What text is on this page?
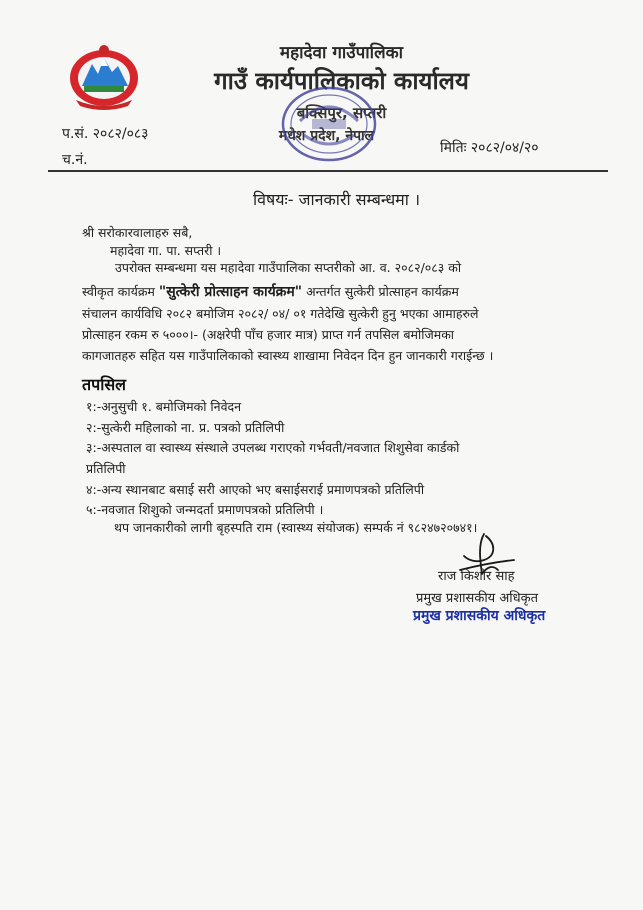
महादेवा गाउँपालिका
गाउँ कार्यपालिकाको कार्यालय
बक्सिपुर, सप्तरी
मधेश प्रदेश, नेपाल
प.सं. २०८२/०८३
च.नं.
मितिः २०८२/०४/२०
विषयः- जानकारी सम्बन्धमा ।
श्री सरोकारवालाहरु सबै,
महादेवा गा. पा. सप्तरी ।
उपरोक्त सम्बन्धमा यस महादेवा गाउँपालिका सप्तरीको आ. व. २०८२/०८३ को
स्वीकृत कार्यक्रम "सुत्केरी प्रोत्साहन कार्यक्रम" अन्तर्गत सुत्केरी प्रोत्साहन कार्यक्रम
संचालन कार्यविधि २०८२ बमोजिम २०८२/ ०४/ ०१ गतेदेखि सुत्केरी हुनु भएका आमाहरुले
प्रोत्साहन रकम रु ५०००।- (अक्षरेपी पाँच हजार मात्र) प्राप्त गर्न तपसिल बमोजिमका
कागजातहरु सहित यस गाउँपालिकाको स्वास्थ्य शाखामा निवेदन दिन हुन जानकारी गराईन्छ ।
तपसिल
१:-अनुसुची १. बमोजिमको निवेदन
२:-सुत्केरी महिलाको ना. प्र. पत्रको प्रतिलिपी
३:-अस्पताल वा स्वास्थ्य संस्थाले उपलब्ध गराएको गर्भवती/नवजात शिशुसेवा कार्डको
प्रतिलिपी
४:-अन्य स्थानबाट बसाई सरी आएको भए बसाईसराई प्रमाणपत्रको प्रतिलिपी
५:-नवजात शिशुको जन्मदर्ता प्रमाणपत्रको प्रतिलिपी ।
थप जानकारीको लागी बृहस्पति राम (स्वास्थ्य संयोजक) सम्पर्क नं ९८२४७२०७४१।
राज किशोर साह
प्रमुख प्रशासकीय अधिकृत
प्रमुख प्रशासकीय अधिकृत
